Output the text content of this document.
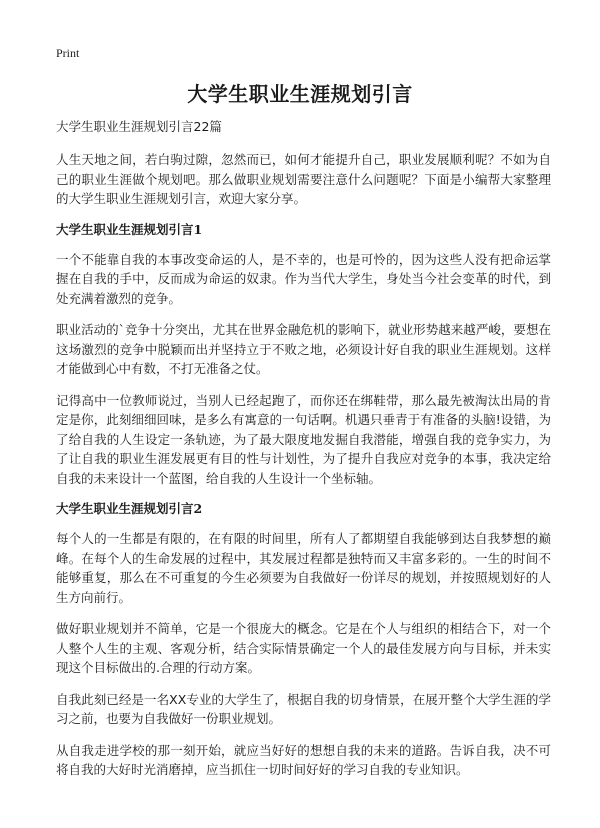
Print
大学生职业生涯规划引言

大学生职业生涯规划引言22篇

人生天地之间，若白驹过隙，忽然而已，如何才能提升自己，职业发展顺利呢？不如为自己的职业生涯做个规划吧。那么做职业规划需要注意什么问题呢？下面是小编帮大家整理的大学生职业生涯规划引言，欢迎大家分享。

大学生职业生涯规划引言1

一个不能靠自我的本事改变命运的人，是不幸的，也是可怜的，因为这些人没有把命运掌握在自我的手中，反而成为命运的奴隶。作为当代大学生，身处当今社会变革的时代，到处充满着激烈的竞争。

职业活动的`竞争十分突出，尤其在世界金融危机的影响下，就业形势越来越严峻，要想在这场激烈的竞争中脱颖而出并坚持立于不败之地，必须设计好自我的职业生涯规划。这样才能做到心中有数，不打无准备之仗。

记得高中一位教师说过，当别人已经起跑了，而你还在绑鞋带，那么最先被淘汰出局的肯定是你，此刻细细回味，是多么有寓意的一句话啊。机遇只垂青于有准备的头脑!设错，为了给自我的人生设定一条轨迹，为了最大限度地发掘自我潜能，增强自我的竞争实力，为了让自我的职业生涯发展更有目的性与计划性，为了提升自我应对竞争的本事，我决定给自我的未来设计一个蓝图，给自我的人生设计一个坐标轴。

大学生职业生涯规划引言2

每个人的一生都是有限的，在有限的时间里，所有人了都期望自我能够到达自我梦想的巅峰。在每个人的生命发展的过程中，其发展过程都是独特而又丰富多彩的。一生的时间不能够重复，那么在不可重复的今生必须要为自我做好一份详尽的规划，并按照规划好的人生方向前行。

做好职业规划并不简单，它是一个很庞大的概念。它是在个人与组织的相结合下，对一个人整个人生的主观、客观分析，结合实际情景确定一个人的最佳发展方向与目标，并未实现这个目标做出的.合理的行动方案。

自我此刻已经是一名XX专业的大学生了，根据自我的切身情景，在展开整个大学生涯的学习之前，也要为自我做好一份职业规划。

从自我走进学校的那一刻开始，就应当好好的想想自我的未来的道路。告诉自我，决不可将自我的大好时光消磨掉，应当抓住一切时间好好的学习自我的专业知识。
